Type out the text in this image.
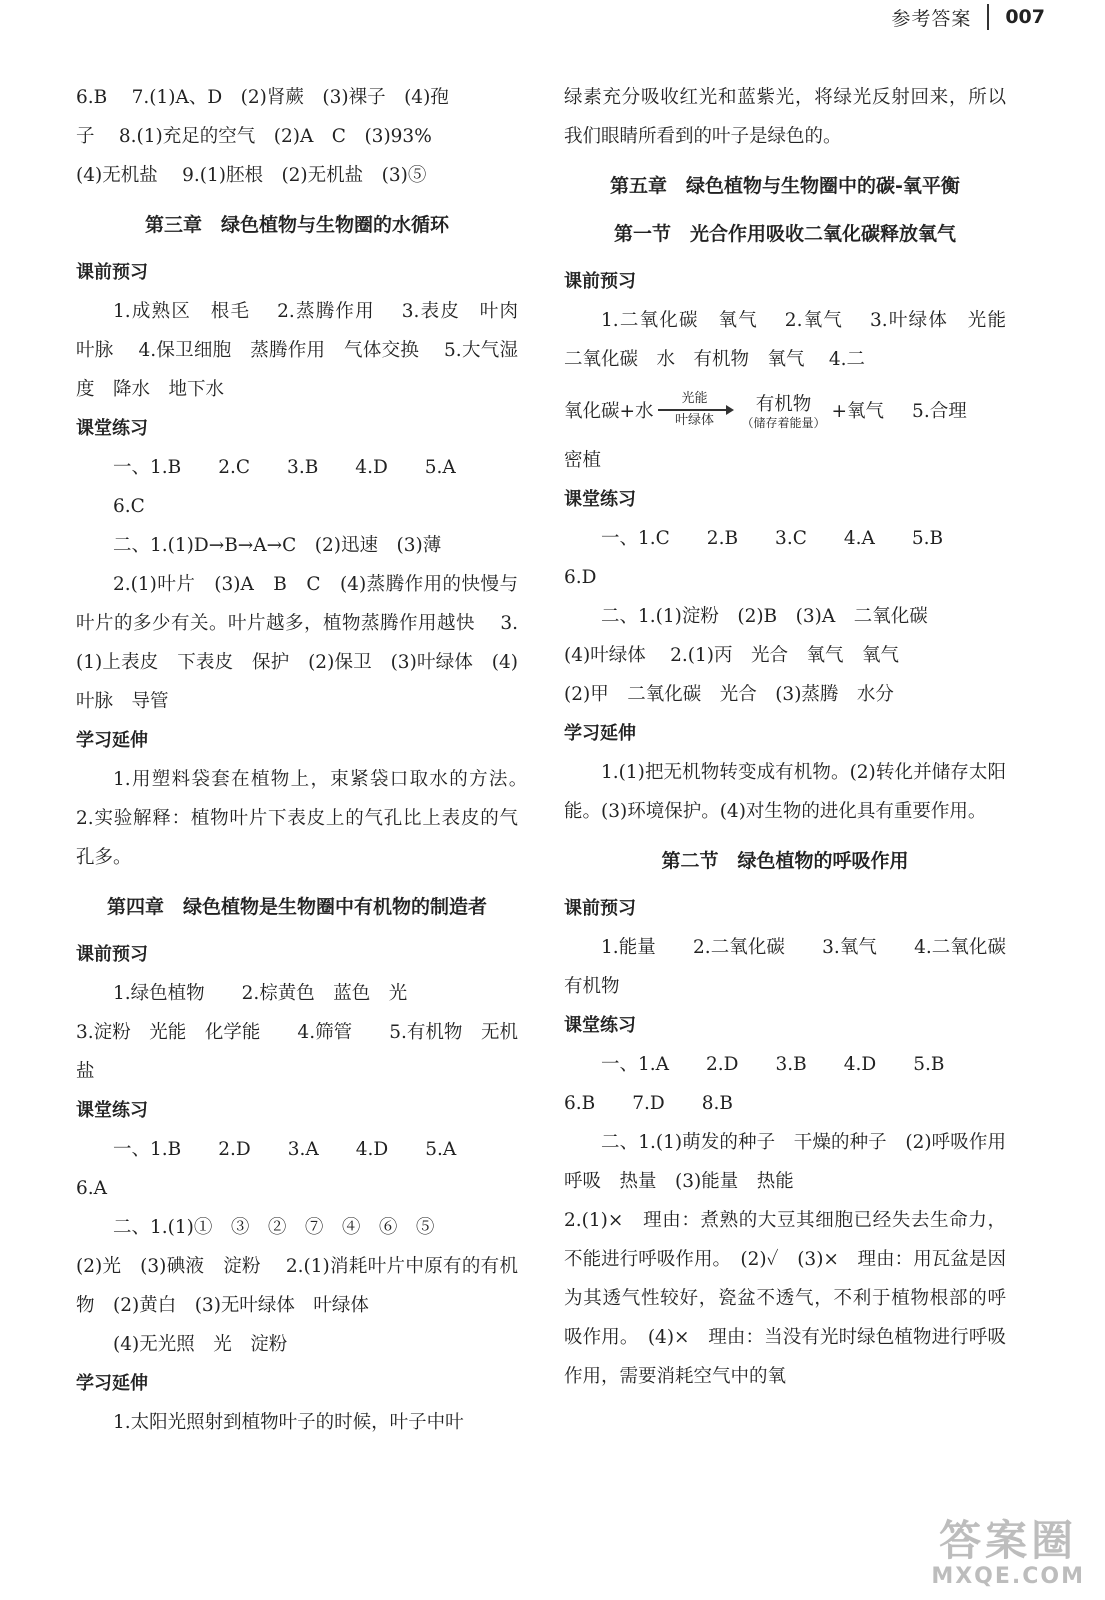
参考答案 007

6.B　 7.(1)A、D　(2)肾蕨　(3)裸子　(4)孢

子　 8.(1)充足的空气　(2)A　C　(3)93%

(4)无机盐　 9.(1)胚根　(2)无机盐　(3)⑤

第三章　绿色植物与生物圈的水循环

课前预习

1.成熟区　根毛　 2.蒸腾作用　 3.表皮　叶肉　叶脉　 4.保卫细胞　蒸腾作用　气体交换　 5.大气湿度　降水　地下水

课堂练习

一、1.B　　2.C　　3.B　　4.D　　5.A

6.C

二、1.(1)D→B→A→C　(2)迅速　(3)薄

2.(1)叶片　(3)A　B　C　(4)蒸腾作用的快慢与叶片的多少有关。叶片越多，植物蒸腾作用越快　 3.(1)上表皮　下表皮　保护　(2)保卫　(3)叶绿体　(4)叶脉　导管

学习延伸

1.用塑料袋套在植物上，束紧袋口取水的方法。　2.实验解释：植物叶片下表皮上的气孔比上表皮的气孔多。

第四章　绿色植物是生物圈中有机物的制造者

课前预习

1.绿色植物　　2.棕黄色　蓝色　光

3.淀粉　光能　化学能　　4.筛管　　5.有机物　无机盐

课堂练习

一、1.B　　2.D　　3.A　　4.D　　5.A

6.A

二、1.(1)①　③　②　⑦　④　⑥　⑤

(2)光　(3)碘液　淀粉　 2.(1)消耗叶片中原有的有机物　(2)黄白　(3)无叶绿体　叶绿体

(4)无光照　光　淀粉

学习延伸

1.太阳光照射到植物叶子的时候，叶子中叶

绿素充分吸收红光和蓝紫光，将绿光反射回来，所以我们眼睛所看到的叶子是绿色的。

第五章　绿色植物与生物圈中的碳-氧平衡
第一节　光合作用吸收二氧化碳释放氧气

课前预习

1.二氧化碳　氧气　 2.氧气　 3.叶绿体　光能　二氧化碳　水　有机物　氧气　 4.二

氧化碳+水
光能
叶绿体
有机物
（储存着能量）
+氧气 5.合理

密植

课堂练习

一、1.C　　2.B　　3.C　　4.A　　5.B

6.D

二、1.(1)淀粉　(2)B　(3)A　二氧化碳

(4)叶绿体　 2.(1)丙　光合　氧气　氧气

(2)甲　二氧化碳　光合　(3)蒸腾　水分

学习延伸

1.(1)把无机物转变成有机物。(2)转化并储存太阳能。(3)环境保护。(4)对生物的进化具有重要作用。

第二节　绿色植物的呼吸作用

课前预习

1.能量　　2.二氧化碳　　3.氧气　　4.二氧化碳　有机物

课堂练习

一、1.A　　2.D　　3.B　　4.D　　5.B

6.B　　7.D　　8.B

二、1.(1)萌发的种子　干燥的种子　(2)呼吸作用　呼吸　热量　(3)能量　热能

2.(1)×　理由：煮熟的大豆其细胞已经失去生命力，不能进行呼吸作用。　(2)✓　(3)×　理由：用瓦盆是因为其透气性较好，瓷盆不透气，不利于植物根部的呼吸作用。　(4)×　理由：当没有光时绿色植物进行呼吸作用，需要消耗空气中的氧

答案圈
MXQE.COM
